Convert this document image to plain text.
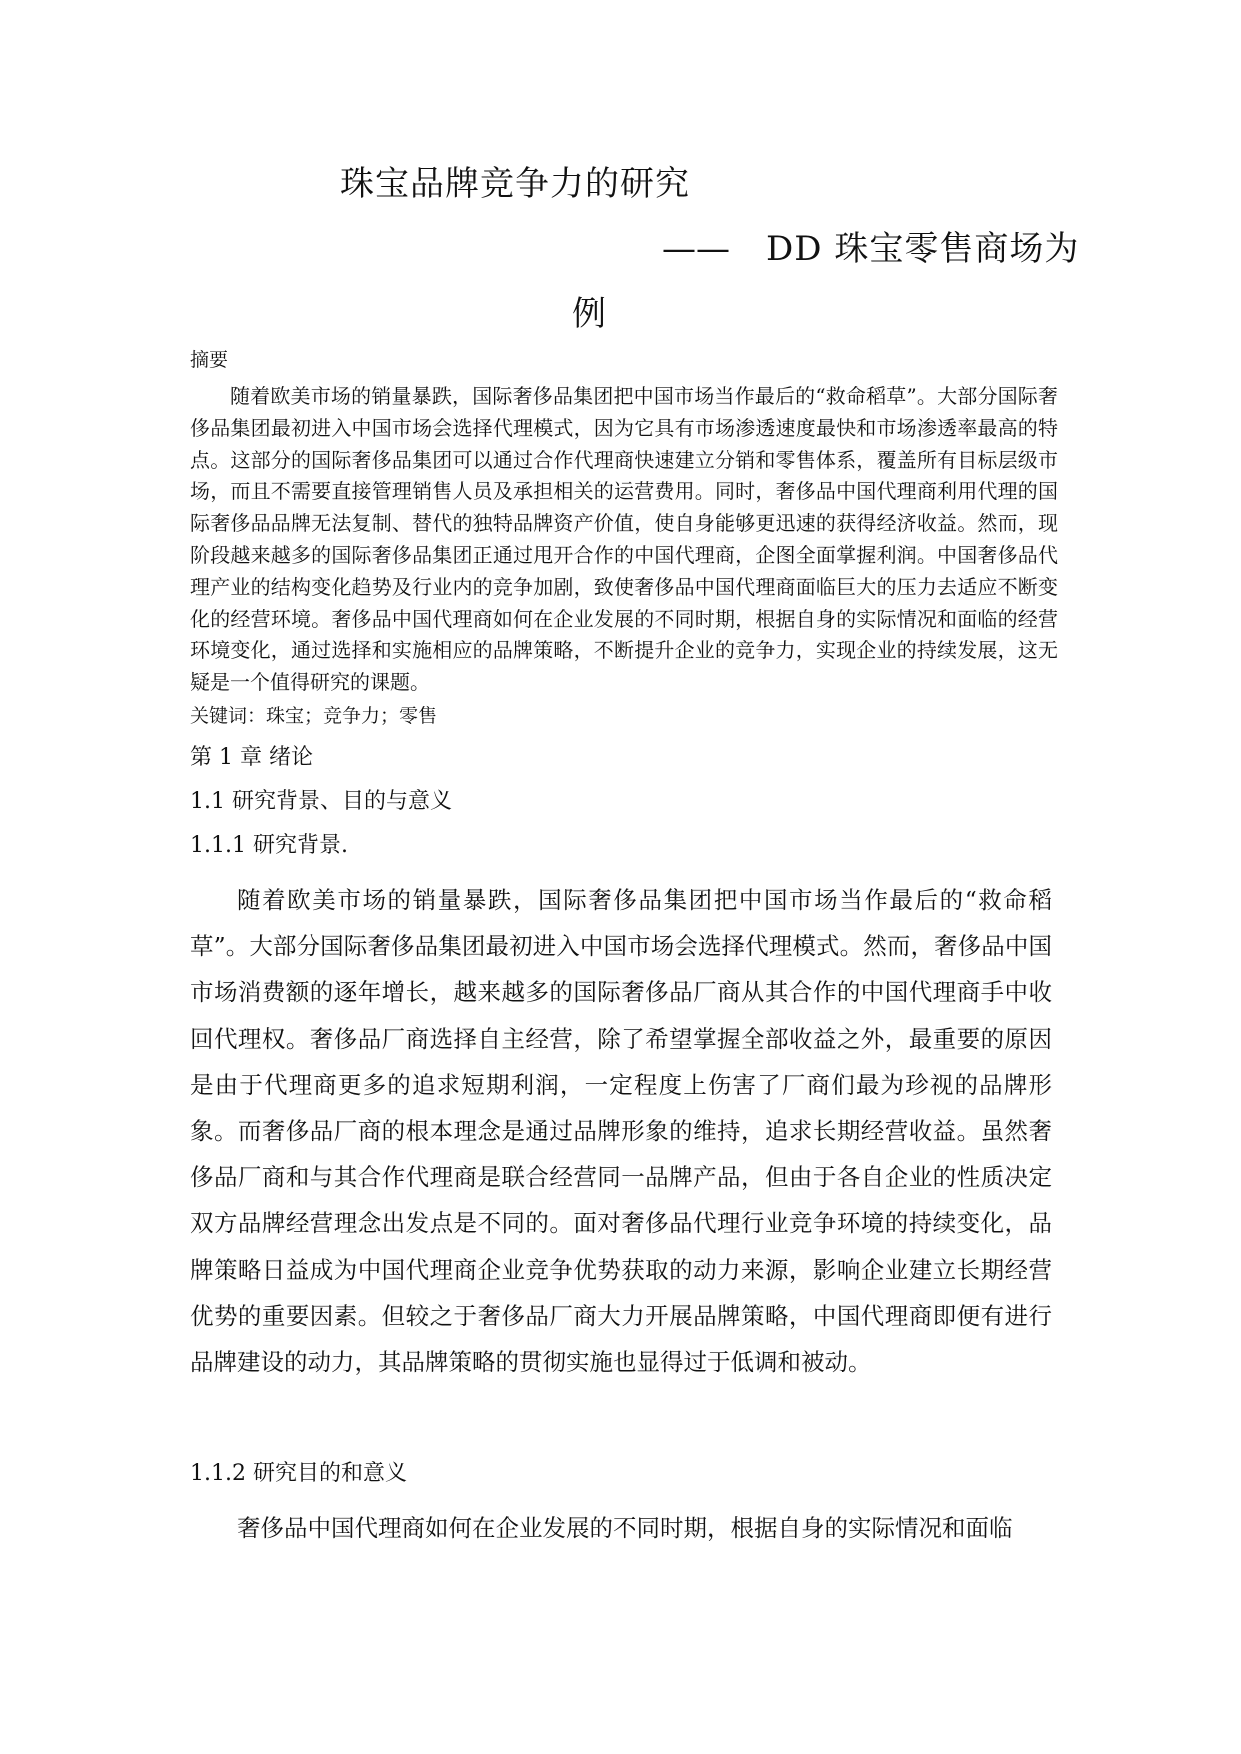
珠宝品牌竞争力的研究
—— DD 珠宝零售商场为
例
摘要

随着欧美市场的销量暴跌，国际奢侈品集团把中国市场当作最后的“救命稻草”。大部分国际奢侈品集团最初进入中国市场会选择代理模式，因为它具有市场渗透速度最快和市场渗透率最高的特点。这部分的国际奢侈品集团可以通过合作代理商快速建立分销和零售体系，覆盖所有目标层级市场，而且不需要直接管理销售人员及承担相关的运营费用。同时，奢侈品中国代理商利用代理的国际奢侈品品牌无法复制、替代的独特品牌资产价值，使自身能够更迅速的获得经济收益。然而，现阶段越来越多的国际奢侈品集团正通过甩开合作的中国代理商，企图全面掌握利润。中国奢侈品代理产业的结构变化趋势及行业内的竞争加剧，致使奢侈品中国代理商面临巨大的压力去适应不断变化的经营环境。奢侈品中国代理商如何在企业发展的不同时期，根据自身的实际情况和面临的经营环境变化，通过选择和实施相应的品牌策略，不断提升企业的竞争力，实现企业的持续发展，这无疑是一个值得研究的课题。

关键词：珠宝；竞争力；零售
第 1 章 绪论
1.1 研究背景、目的与意义
1.1.1 研究背景.

随着欧美市场的销量暴跌，国际奢侈品集团把中国市场当作最后的“救命稻草”。大部分国际奢侈品集团最初进入中国市场会选择代理模式。然而，奢侈品中国市场消费额的逐年增长，越来越多的国际奢侈品厂商从其合作的中国代理商手中收回代理权。奢侈品厂商选择自主经营，除了希望掌握全部收益之外，最重要的原因是由于代理商更多的追求短期利润，一定程度上伤害了厂商们最为珍视的品牌形象。而奢侈品厂商的根本理念是通过品牌形象的维持，追求长期经营收益。虽然奢侈品厂商和与其合作代理商是联合经营同一品牌产品，但由于各自企业的性质决定双方品牌经营理念出发点是不同的。面对奢侈品代理行业竞争环境的持续变化，品牌策略日益成为中国代理商企业竞争优势获取的动力来源，影响企业建立长期经营优势的重要因素。但较之于奢侈品厂商大力开展品牌策略，中国代理商即便有进行品牌建设的动力，其品牌策略的贯彻实施也显得过于低调和被动。

1.1.2 研究目的和意义

奢侈品中国代理商如何在企业发展的不同时期，根据自身的实际情况和面临
